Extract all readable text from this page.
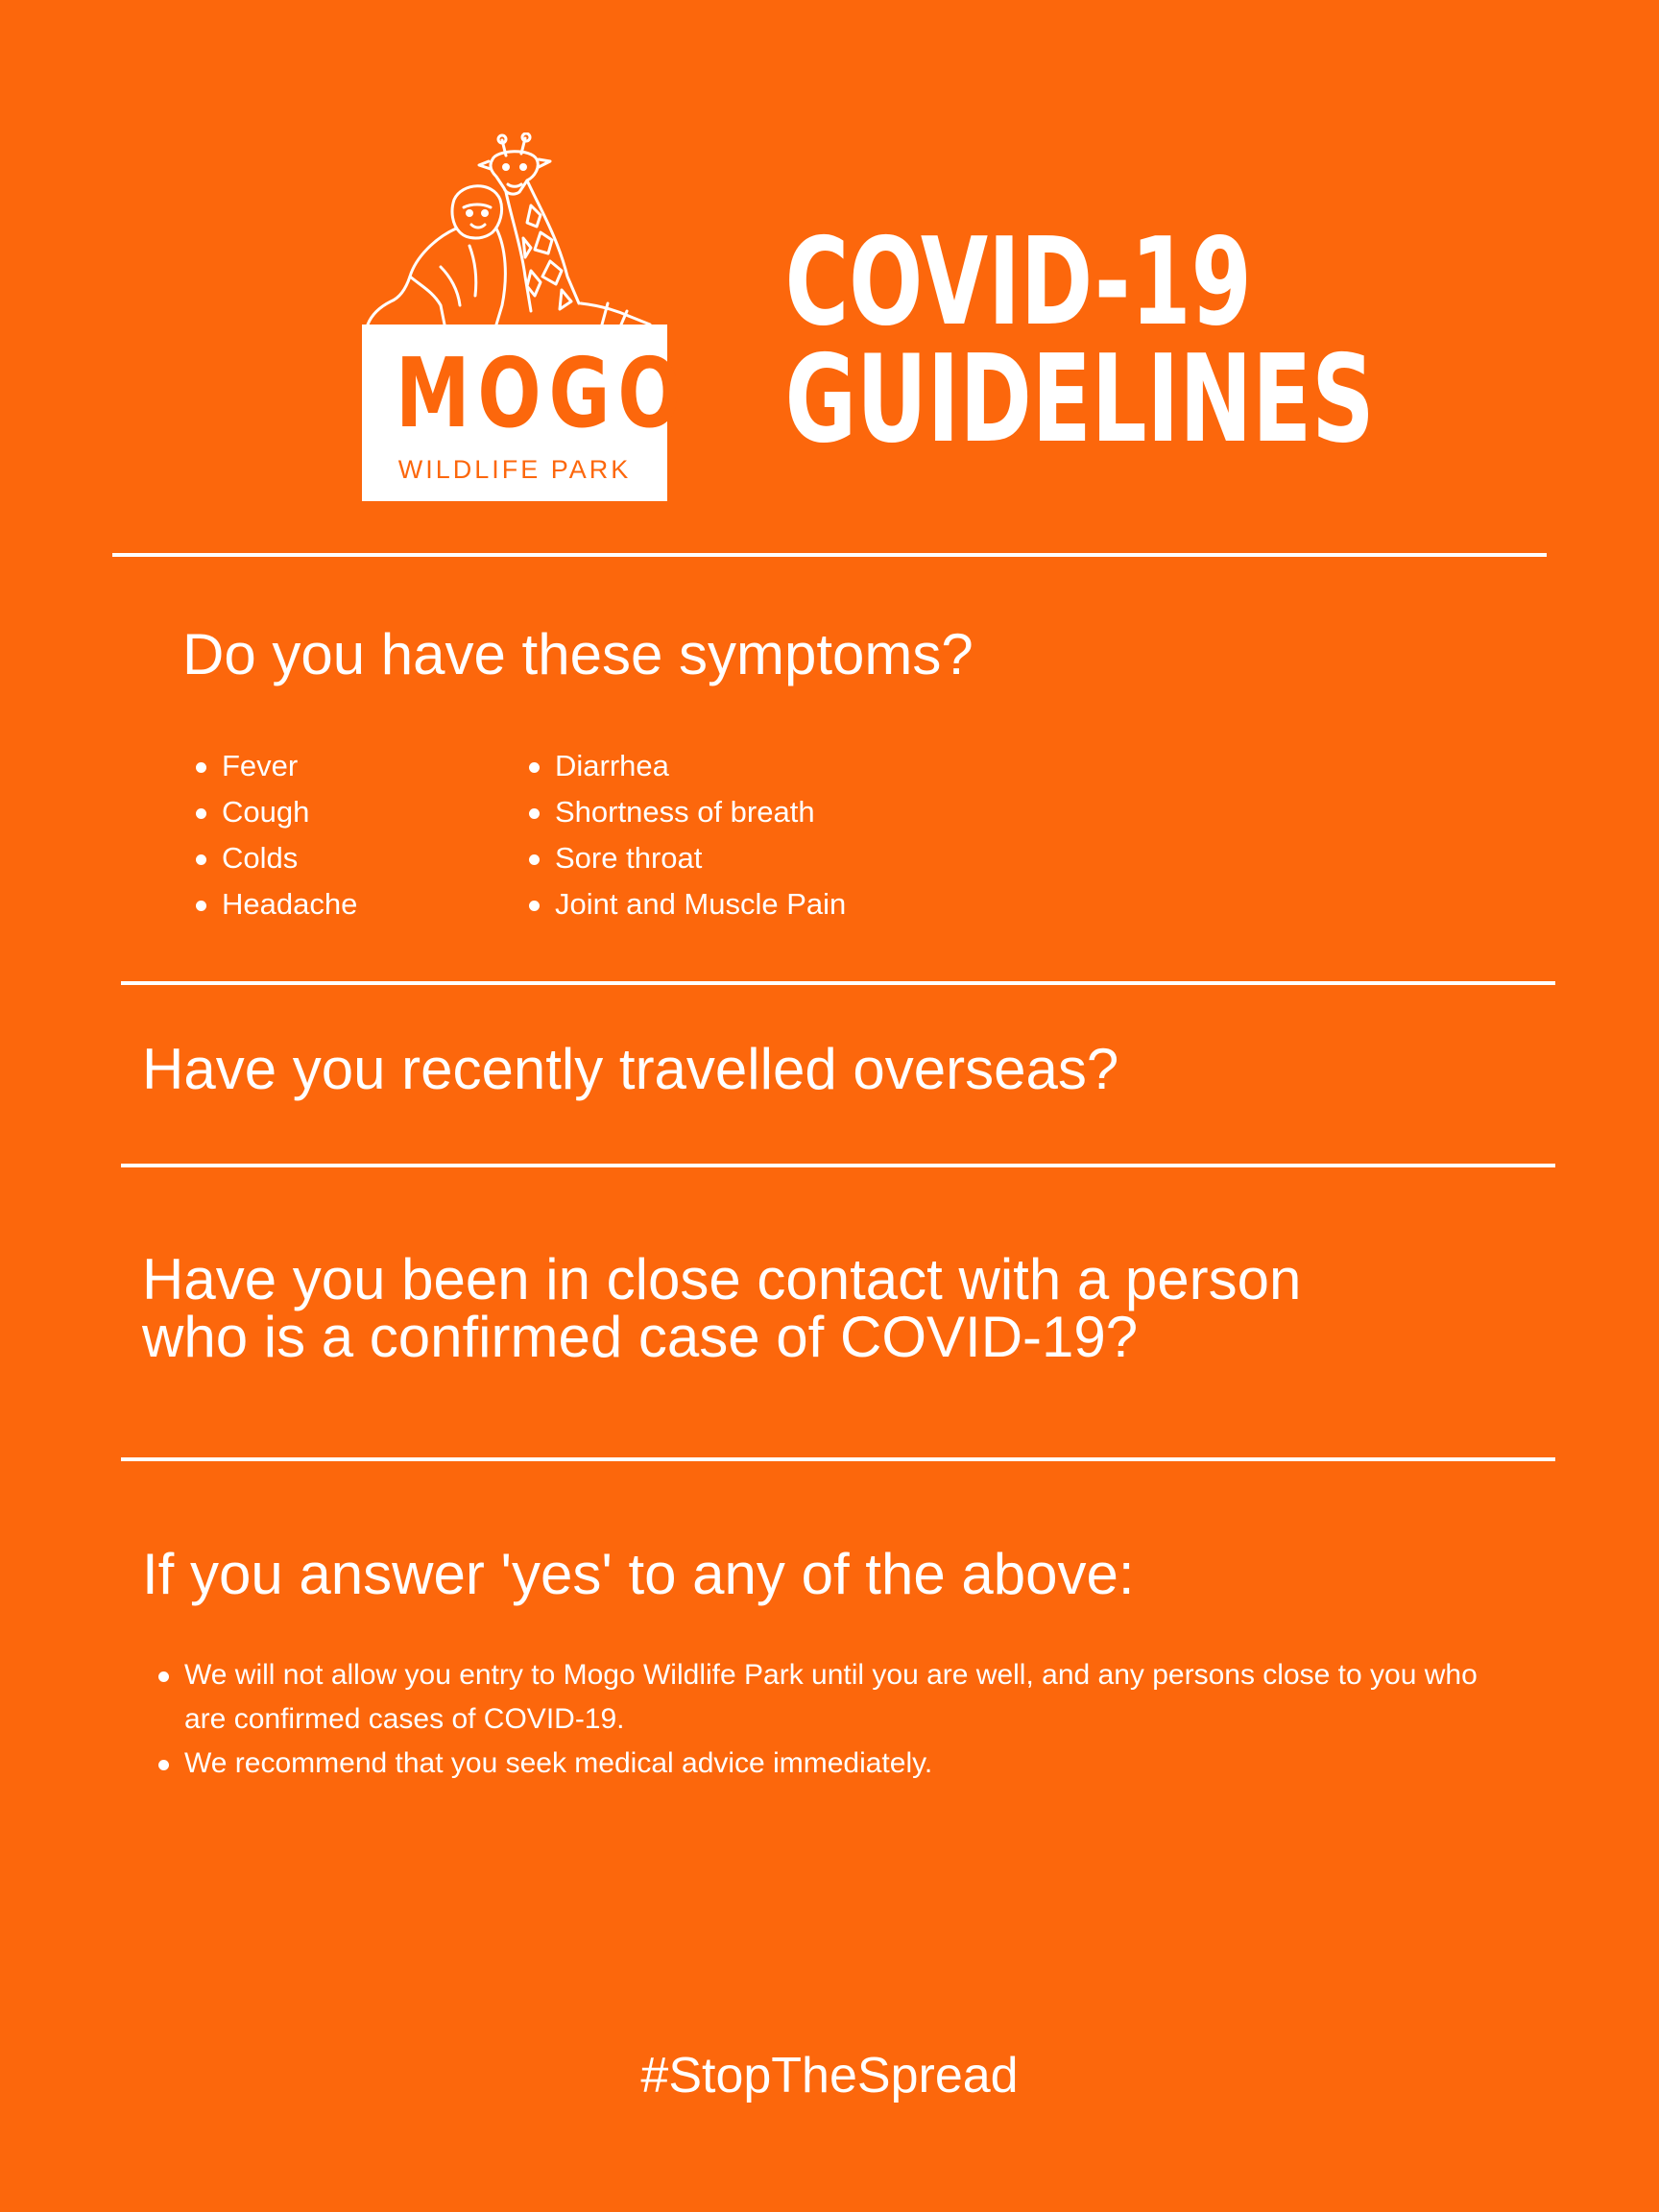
MOGO
WILDLIFE PARK
COVID-19
GUIDELINES
Do you have these symptoms?
Fever
Cough
Colds
Headache
Diarrhea
Shortness of breath
Sore throat
Joint and Muscle Pain
Have you recently travelled overseas?
Have you been in close contact with a person
who is a confirmed case of COVID-19?
If you answer 'yes' to any of the above:
We will not allow you entry to Mogo Wildlife Park until you are well, and any persons close to you who are confirmed cases of COVID-19.
We recommend that you seek medical advice immediately.
#StopTheSpread
